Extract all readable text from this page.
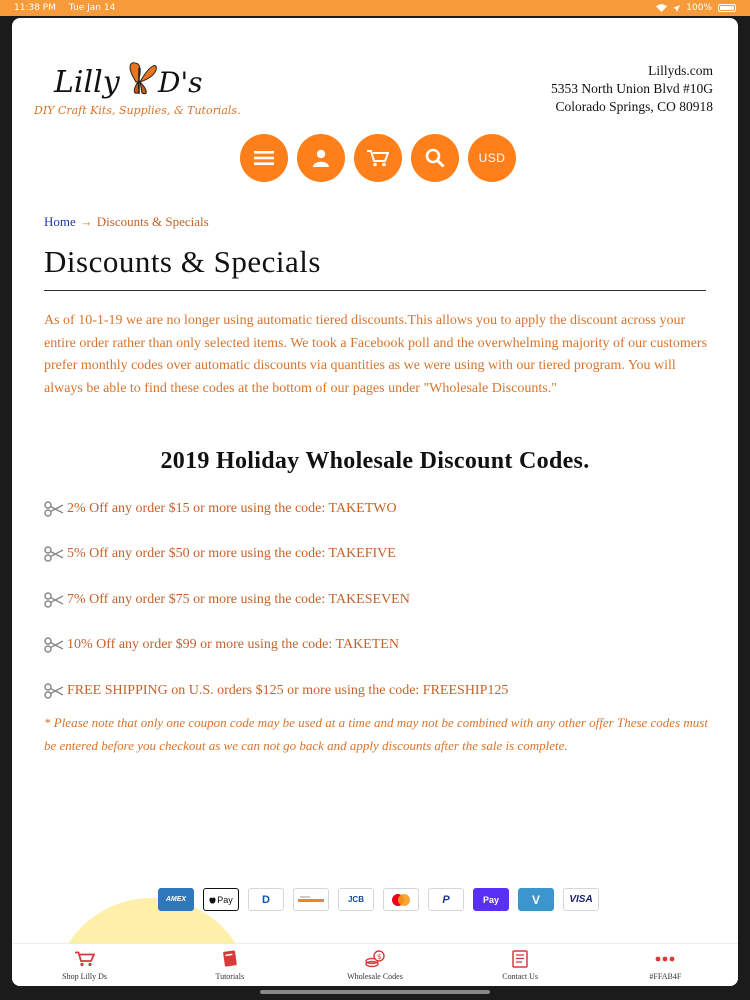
11:38 PM Tue Jan 14	100%
Lilly D's
DIY Craft Kits, Supplies, & Tutorials.
Lillyds.com
5353 North Union Blvd #10G
Colorado Springs, CO 80918
USD
Home → Discounts & Specials
Discounts & Specials

As of 10-1-19 we are no longer using automatic tiered discounts.This allows you to apply the discount across your entire order rather than only selected items. We took a Facebook poll and the overwhelming majority of our customers prefer monthly codes over automatic discounts via quantities as we were using with our tiered program. You will always be able to find these codes at the bottom of our pages under "Wholesale Discounts."

2019 Holiday Wholesale Discount Codes.
2% Off any order $15 or more using the code: TAKETWO
5% Off any order $50 or more using the code: TAKEFIVE
7% Off any order $75 or more using the code: TAKESEVEN
10% Off any order $99 or more using the code: TAKETEN
FREE SHIPPING on U.S. orders $125 or more using the code: FREESHIP125

* Please note that only one coupon code may be used at a time and may not be combined with any other offer These codes must be entered before you checkout as we can not go back and apply discounts after the sale is complete.

AMEX	Pay	D	JCB	P	Pay	V	VISA
Shop Lilly Ds	Tutorials
$
Wholesale Codes	Contact Us	#FFAB4F
